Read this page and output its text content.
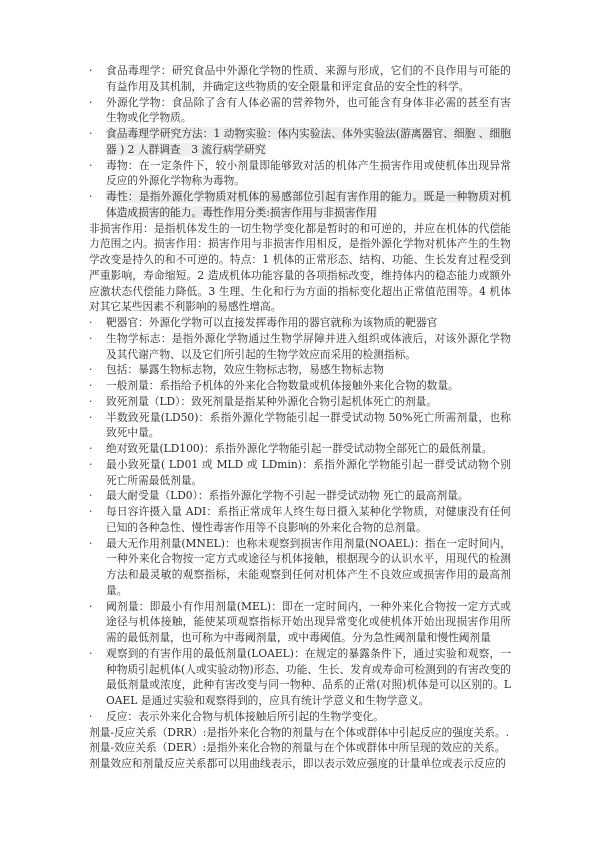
·	食品毒理学：研究食品中外源化学物的性质、来源与形成，它们的不良作用与可能的有益作用及其机制，并确定这些物质的安全限量和评定食品的安全性的科学。
·	外源化学物：食品除了含有人体必需的营养物外，也可能含有身体非必需的甚至有害生物或化学物质。
·	食品毒理学研究方法：1 动物实验：体内实验法、体外实验法(游离器官、细胞 、细胞器 ) 2 人群调查　3 流行病学研究
·	毒物：在一定条件下，较小剂量即能够致对活的机体产生损害作用或使机体出现异常反应的外源化学物称为毒物。
·	毒性：是指外源化学物质对机体的易感部位引起有害作用的能力。既是一种物质对机体造成损害的能力。毒性作用分类:损害作用与非损害作用
非损害作用：是指机体发生的一切生物学变化都是暂时的和可逆的，并应在机体的代偿能力范围之内。损害作用：损害作用与非损害作用相反，是指外源化学物对机体产生的生物学改变是持久的和不可逆的。特点：1 机体的正常形态、结构、功能、生长发育过程受到严重影响，寿命缩短。2 造成机体功能容量的各项指标改变，维持体内的稳态能力或额外应激状态代偿能力降低。3 生理、生化和行为方面的指标变化超出正常值范围等。4 机体对其它某些因素不利影响的易感性增高。
·	靶器官：外源化学物可以直接发挥毒作用的器官就称为该物质的靶器官
·	生物学标志：是指外源化学物通过生物学屏障并进入组织或体液后，对该外源化学物及其代谢产物、以及它们所引起的生物学效应而采用的检测指标。
·	包括：暴露生物标志物，效应生物标志物，易感生物标志物
·	一般剂量：系指给予机体的外来化合物数量或机体接触外来化合物的数量。
·	致死剂量（LD）：致死剂量是指某种外源化合物引起机体死亡的剂量。
·	半数致死量(LD50)：系指外源化学物能引起一群受试动物 50%死亡所需剂量，也称致死中量。
·	绝对致死量(LD100)：系指外源化学物能引起一群受试动物全部死亡的最低剂量。
·	最小致死量( LD01 或 MLD 或 LDmin)：系指外源化学物能引起一群受试动物个别死亡所需最低剂量。
·	最大耐受量（LD0）：系指外源化学物不引起一群受试动物 死亡的最高剂量。
·	每日容许摄入量 ADI：系指正常成年人终生每日摄入某种化学物质，对健康没有任何已知的各种急性、慢性毒害作用等不良影响的外来化合物的总剂量。
·	最大无作用剂量(MNEL)：也称未观察到损害作用剂量(NOAEL)：指在一定时间内，一种外来化合物按一定方式或途径与机体接触，根据现今的认识水平，用现代的检测方法和最灵敏的观察指标，未能观察到任何对机体产生不良效应或损害作用的最高剂量。
·	阈剂量：即最小有作用剂量(MEL)：即在一定时间内，一种外来化合物按一定方式或途径与机体接触，能使某项观察指标开始出现异常变化或使机体开始出现损害作用所需的最低剂量，也可称为中毒阈剂量，或中毒阈值。分为急性阈剂量和慢性阈剂量
·	观察到的有害作用的最低剂量(LOAEL)：在规定的暴露条件下，通过实验和观察，一种物质引起机体(人或实验动物)形态、功能、生长、发育或寿命可检测到的有害改变的最低剂量或浓度，此种有害改变与同一物种、品系的正常(对照)机体是可以区别的。LOAEL 是通过实验和观察得到的，应具有统计学意义和生物学意义。
·	反应：表示外来化合物与机体接触后所引起的生物学变化。
剂量-反应关系（DRR）:是指外来化合物的剂量与在个体或群体中引起反应的强度关系。.
剂量-效应关系（DER）:是指外来化合物的剂量与在个体或群体中所呈现的效应的关系。
剂量效应和剂量反应关系都可以用曲线表示，即以表示效应强度的计量单位或表示反应的
